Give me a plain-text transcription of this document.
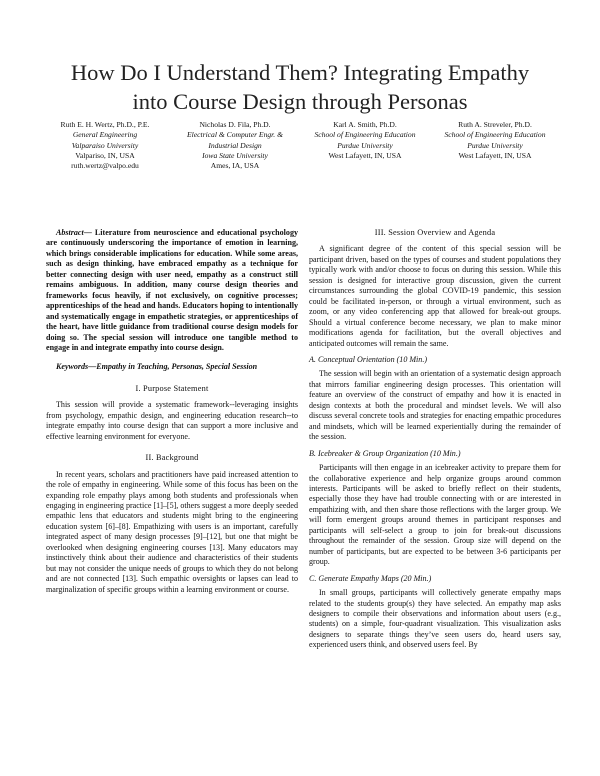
How Do I Understand Them? Integrating Empathy
into Course Design through Personas
Ruth E. H. Wertz, Ph.D., P.E.
General Engineering
Valparaiso University
Valpariso, IN, USA
ruth.wertz@valpo.edu
Nicholas D. Fila, Ph.D.
Electrical & Computer Engr. &
Industrial Design
Iowa State University
Ames, IA, USA
Karl A. Smith, Ph.D.
School of Engineering Education
Purdue University
West Lafayett, IN, USA
Ruth A. Streveler, Ph.D.
School of Engineering Education
Purdue University
West Lafayett, IN, USA

Abstract— Literature from neuroscience and educational psychology are continuously underscoring the importance of emotion in learning, which brings considerable implications for education. While some areas, such as design thinking, have embraced empathy as a technique for better connecting design with user need, empathy as a construct still remains ambiguous. In addition, many course design theories and frameworks focus heavily, if not exclusively, on cognitive processes; apprenticeships of the head and hands. Educators hoping to intentionally and systematically engage in empathetic strategies, or apprenticeships of the heart, have little guidance from traditional course design models for doing so. The special session will introduce one tangible method to engage in and integrate empathy into course design.

Keywords—Empathy in Teaching, Personas, Special Session

I. Purpose Statement

This session will provide a systematic framework--leveraging insights from psychology, empathic design, and engineering education research--to integrate empathy into course design that can support a more inclusive and effective learning environment for everyone.

II. Background

In recent years, scholars and practitioners have paid increased attention to the role of empathy in engineering. While some of this focus has been on the expanding role empathy plays among both students and professionals when engaging in engineering practice [1]–[5], others suggest a more deeply seeded empathic lens that educators and students might bring to the engineering education system [6]–[8]. Empathizing with users is an important, carefully integrated aspect of many design processes [9]–[12], but one that might be overlooked when designing engineering courses [13]. Many educators may instinctively think about their audience and characteristics of their students but may not consider the unique needs of groups to which they do not belong and are not connected [13]. Such empathic oversights or lapses can lead to marginalization of specific groups within a learning environment or course.

III. Session Overview and Agenda

A significant degree of the content of this special session will be participant driven, based on the types of courses and student populations they typically work with and/or choose to focus on during this session. While this session is designed for interactive group discussion, given the current circumstances surrounding the global COVID-19 pandemic, this session could be facilitated in-person, or through a virtual environment, such as zoom, or any video conferencing app that allowed for break-out groups. Should a virtual conference become necessary, we plan to make minor modifications agenda for facilitation, but the overall objectives and anticipated outcomes will remain the same.

A. Conceptual Orientation (10 Min.)

The session will begin with an orientation of a systematic design approach that mirrors familiar engineering design processes. This orientation will feature an overview of the construct of empathy and how it is enacted in design contexts at both the procedural and mindset levels. We will also discuss several concrete tools and strategies for enacting empathic procedures and mindsets, which will be learned experientially during the remainder of the session.

B. Icebreaker & Group Organization (10 Min.)

Participants will then engage in an icebreaker activity to prepare them for the collaborative experience and help organize groups around common interests. Participants will be asked to briefly reflect on their students, especially those they have had trouble connecting with or are interested in empathizing with, and then share those reflections with the larger group. We will form emergent groups around themes in participant responses and participants will self-select a group to join for break-out discussions throughout the remainder of the session. Group size will depend on the number of participants, but are expected to be between 3-6 participants per group.

C. Generate Empathy Maps (20 Min.)

In small groups, participants will collectively generate empathy maps related to the students group(s) they have selected. An empathy map asks designers to compile their observations and information about users (e.g., students) on a simple, four-quadrant visualization. This visualization asks designers to separate things they’ve seen users do, heard users say, experienced users think, and observed users feel. By
